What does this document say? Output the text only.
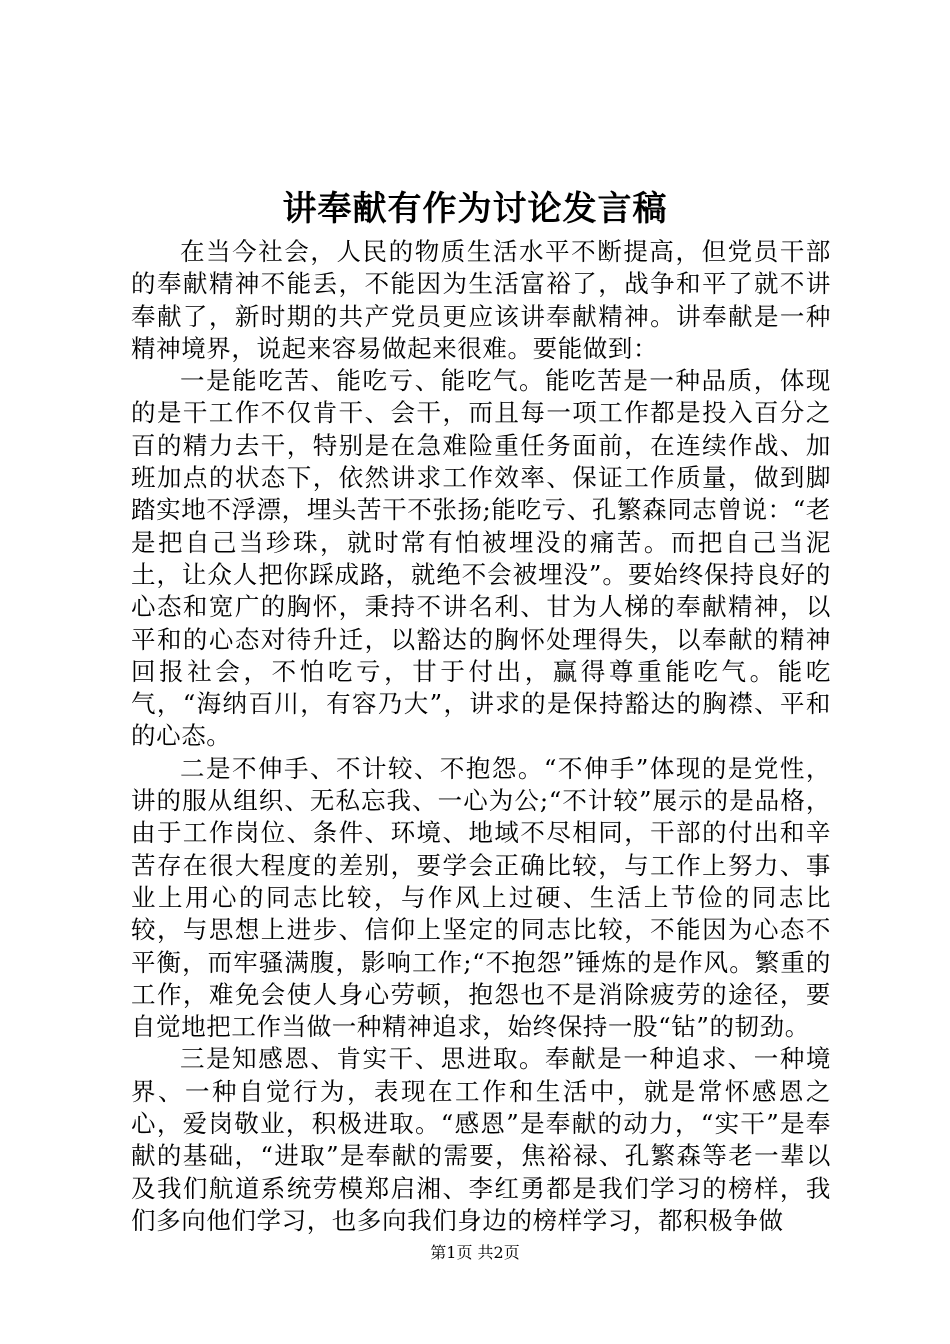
讲奉献有作为讨论发言稿

在当今社会，人民的物质生活水平不断提高，但党员干部的奉献精神不能丢，不能因为生活富裕了，战争和平了就不讲奉献了，新时期的共产党员更应该讲奉献精神。讲奉献是一种精神境界，说起来容易做起来很难。要能做到：

一是能吃苦、能吃亏、能吃气。能吃苦是一种品质，体现的是干工作不仅肯干、会干，而且每一项工作都是投入百分之百的精力去干，特别是在急难险重任务面前，在连续作战、加班加点的状态下，依然讲求工作效率、保证工作质量，做到脚踏实地不浮漂，埋头苦干不张扬;能吃亏、孔繁森同志曾说：“老是把自己当珍珠，就时常有怕被埋没的痛苦。而把自己当泥土，让众人把你踩成路，就绝不会被埋没”。要始终保持良好的心态和宽广的胸怀，秉持不讲名利、甘为人梯的奉献精神，以平和的心态对待升迁，以豁达的胸怀处理得失，以奉献的精神回报社会，不怕吃亏，甘于付出，赢得尊重能吃气。能吃气，“海纳百川，有容乃大”，讲求的是保持豁达的胸襟、平和的心态。

二是不伸手、不计较、不抱怨。“不伸手”体现的是党性，讲的服从组织、无私忘我、一心为公;“不计较”展示的是品格，由于工作岗位、条件、环境、地域不尽相同，干部的付出和辛苦存在很大程度的差别，要学会正确比较，与工作上努力、事业上用心的同志比较，与作风上过硬、生活上节俭的同志比较，与思想上进步、信仰上坚定的同志比较，不能因为心态不平衡，而牢骚满腹，影响工作;“不抱怨”锤炼的是作风。繁重的工作，难免会使人身心劳顿，抱怨也不是消除疲劳的途径，要自觉地把工作当做一种精神追求，始终保持一股“钻”的韧劲。

三是知感恩、肯实干、思进取。奉献是一种追求、一种境界、一种自觉行为，表现在工作和生活中，就是常怀感恩之心，爱岗敬业，积极进取。“感恩”是奉献的动力，“实干”是奉献的基础，“进取”是奉献的需要，焦裕禄、孔繁森等老一辈以及我们航道系统劳模郑启湘、李红勇都是我们学习的榜样，我们多向他们学习，也多向我们身边的榜样学习，都积极争做

第1页 共2页
